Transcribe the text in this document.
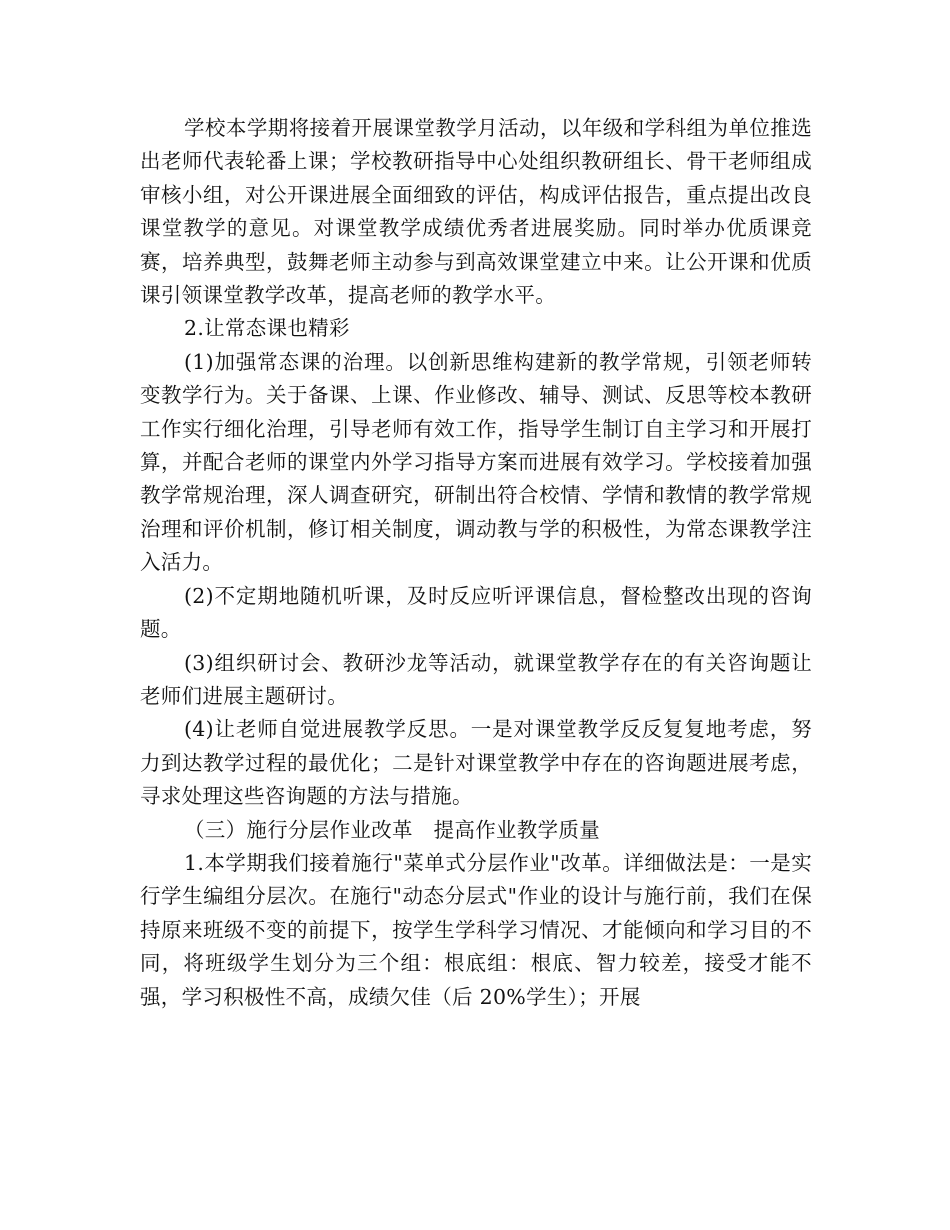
学校本学期将接着开展课堂教学月活动，以年级和学科组为单位推选出老师代表轮番上课；学校教研指导中心处组织教研组长、骨干老师组成审核小组，对公开课进展全面细致的评估，构成评估报告，重点提出改良课堂教学的意见。对课堂教学成绩优秀者进展奖励。同时举办优质课竞赛，培养典型，鼓舞老师主动参与到高效课堂建立中来。让公开课和优质课引领课堂教学改革，提高老师的教学水平。

2.让常态课也精彩

(1)加强常态课的治理。以创新思维构建新的教学常规，引领老师转变教学行为。关于备课、上课、作业修改、辅导、测试、反思等校本教研工作实行细化治理，引导老师有效工作，指导学生制订自主学习和开展打算，并配合老师的课堂内外学习指导方案而进展有效学习。学校接着加强教学常规治理，深人调查研究，研制出符合校情、学情和教情的教学常规治理和评价机制，修订相关制度，调动教与学的积极性，为常态课教学注入活力。

(2)不定期地随机听课，及时反应听评课信息，督检整改出现的咨询题。

(3)组织研讨会、教研沙龙等活动，就课堂教学存在的有关咨询题让老师们进展主题研讨。

(4)让老师自觉进展教学反思。一是对课堂教学反反复复地考虑，努力到达教学过程的最优化；二是针对课堂教学中存在的咨询题进展考虑，寻求处理这些咨询题的方法与措施。

（三）施行分层作业改革　提高作业教学质量

1.本学期我们接着施行"菜单式分层作业"改革。详细做法是：一是实行学生编组分层次。在施行"动态分层式"作业的设计与施行前，我们在保持原来班级不变的前提下，按学生学科学习情况、才能倾向和学习目的不同，将班级学生划分为三个组：根底组：根底、智力较差，接受才能不强，学习积极性不高，成绩欠佳（后 20%学生）；开展
